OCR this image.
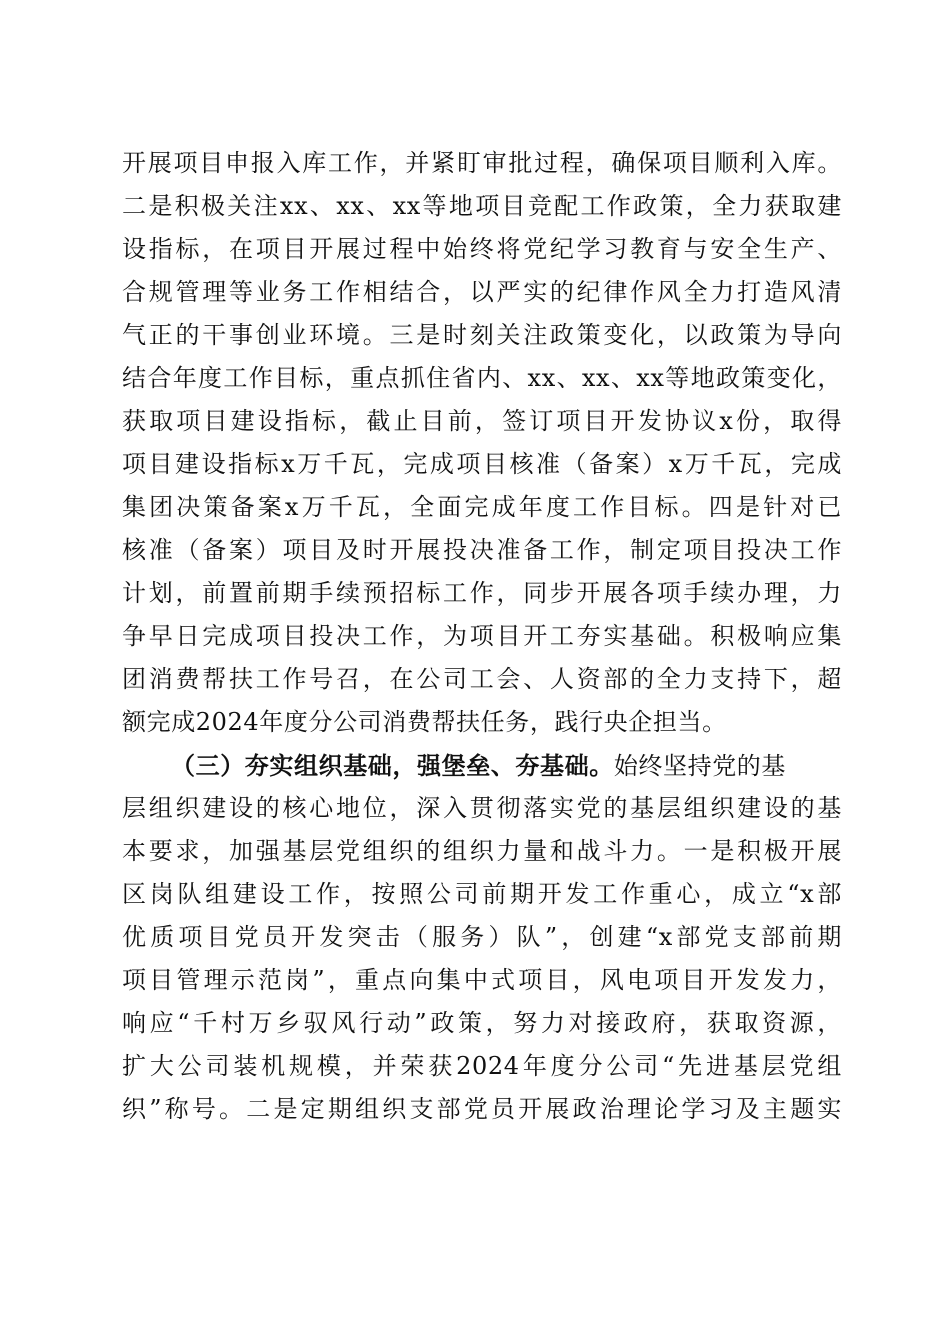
开展项目申报入库工作，并紧盯审批过程，确保项目顺利入库。

二是积极关注xx、xx、xx等地项目竞配工作政策，全力获取建

设指标，在项目开展过程中始终将党纪学习教育与安全生产、

合规管理等业务工作相结合，以严实的纪律作风全力打造风清

气正的干事创业环境。三是时刻关注政策变化，以政策为导向

结合年度工作目标，重点抓住省内、xx、xx、xx等地政策变化，

获取项目建设指标，截止目前，签订项目开发协议x份，取得

项目建设指标x万千瓦，完成项目核准（备案）x万千瓦，完成

集团决策备案x万千瓦，全面完成年度工作目标。四是针对已

核准（备案）项目及时开展投决准备工作，制定项目投决工作

计划，前置前期手续预招标工作，同步开展各项手续办理，力

争早日完成项目投决工作，为项目开工夯实基础。积极响应集

团消费帮扶工作号召，在公司工会、人资部的全力支持下，超

额完成2024年度分公司消费帮扶任务，践行央企担当。

（三）夯实组织基础，强堡垒、夯基础。始终坚持党的基

层组织建设的核心地位，深入贯彻落实党的基层组织建设的基

本要求，加强基层党组织的组织力量和战斗力。一是积极开展

区岗队组建设工作，按照公司前期开发工作重心，成立“x部

优质项目党员开发突击（服务）队”，创建“x部党支部前期

项目管理示范岗”，重点向集中式项目，风电项目开发发力，

响应“千村万乡驭风行动”政策，努力对接政府，获取资源，

扩大公司装机规模，并荣获2024年度分公司“先进基层党组

织”称号。二是定期组织支部党员开展政治理论学习及主题实
